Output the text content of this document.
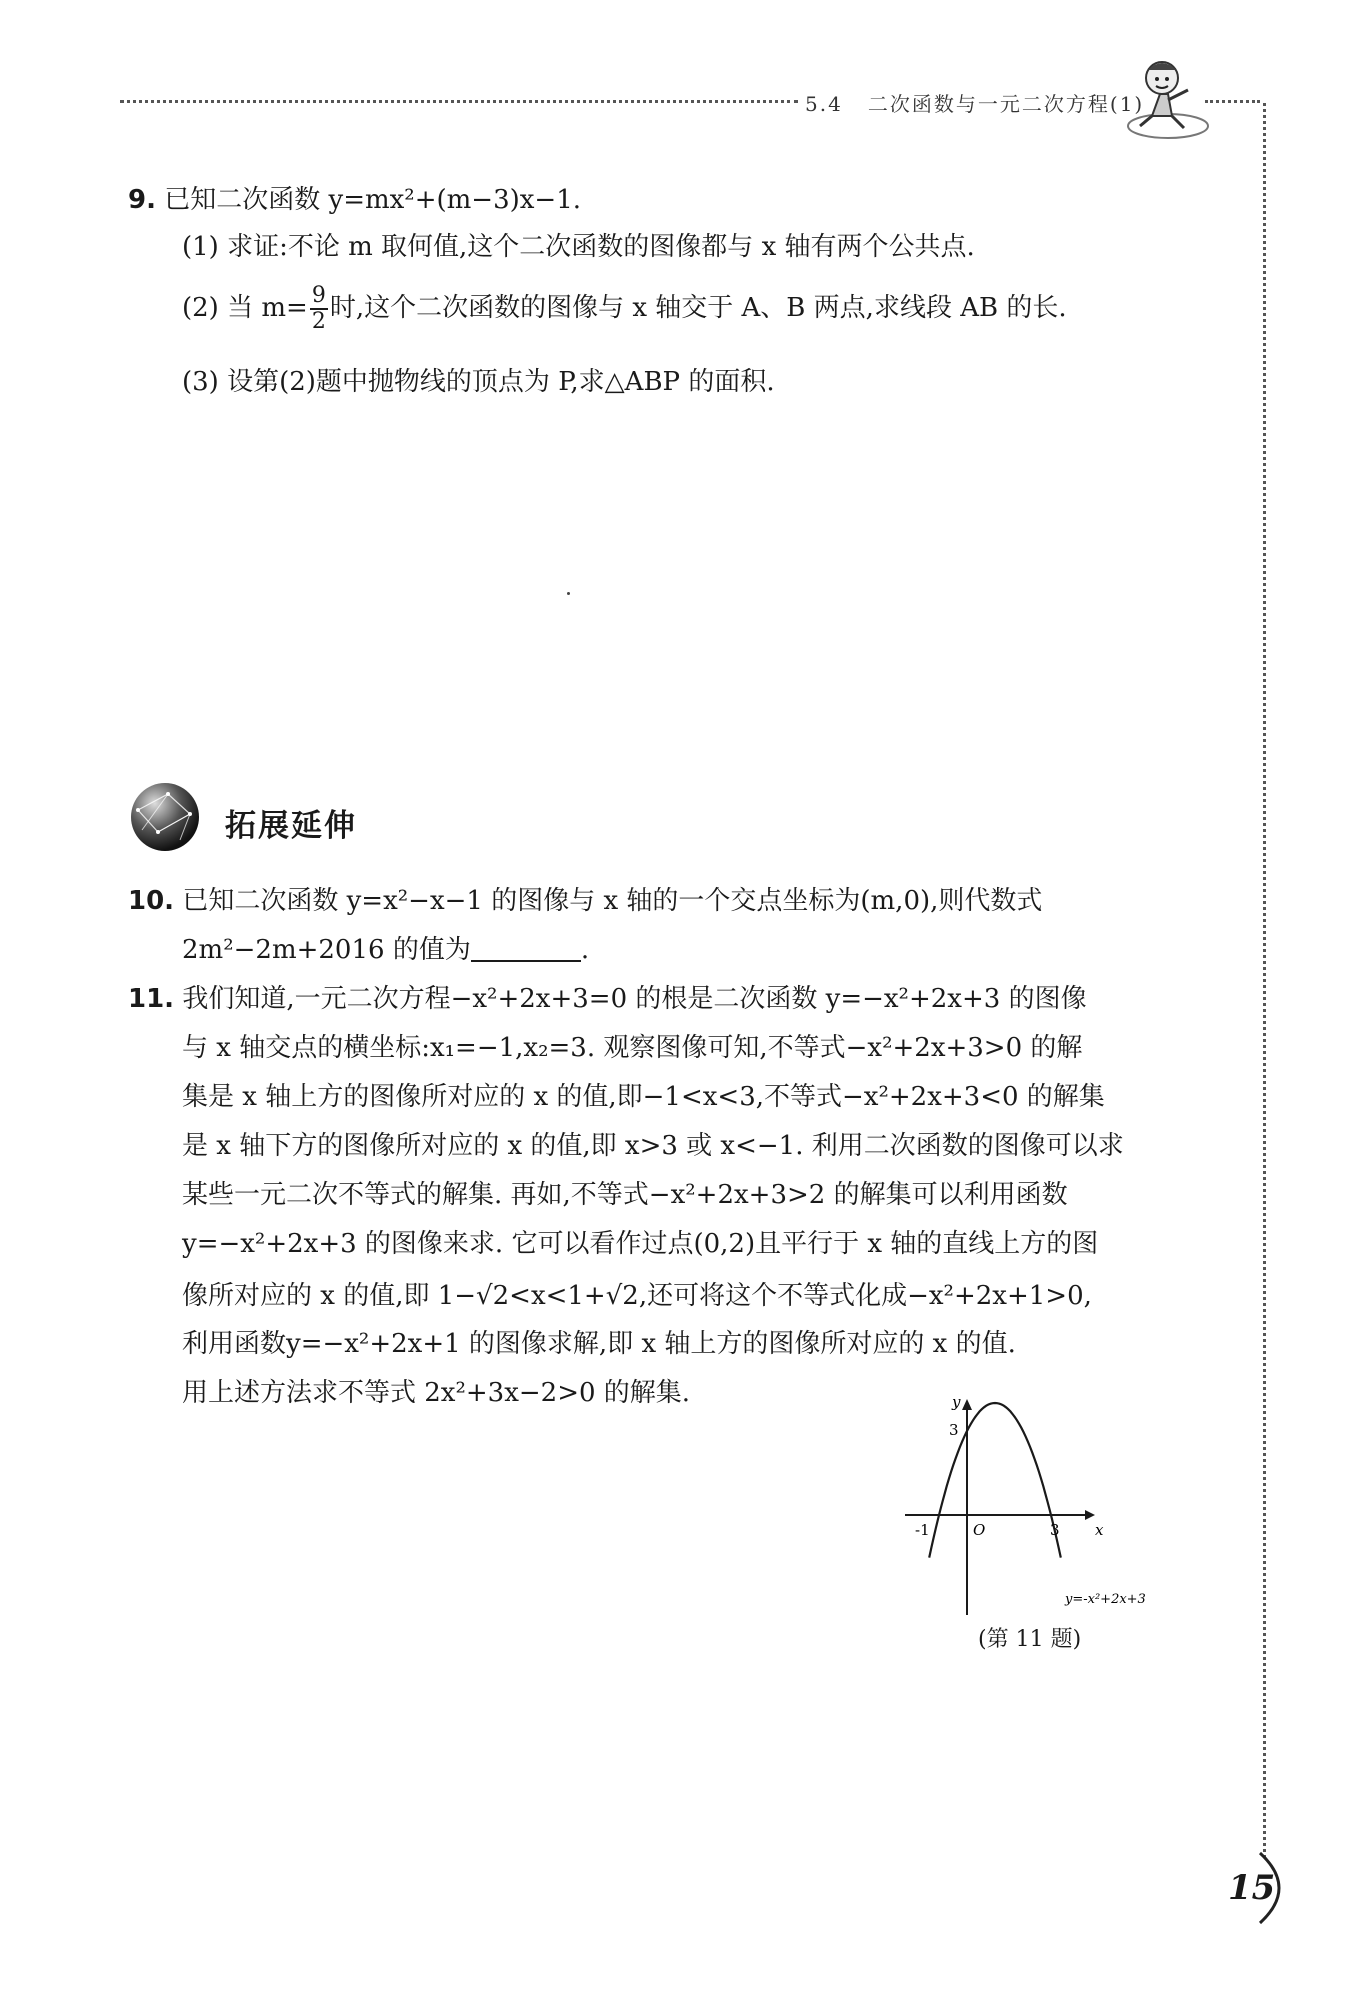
5.4 二次函数与一元二次方程(1)
9. 已知二次函数 y=mx²+(m−3)x−1.
(1) 求证:不论 m 取何值,这个二次函数的图像都与 x 轴有两个公共点.
(2) 当 $m= \frac{9}{2}$ 时,这个二次函数的图像与 x 轴交于 A、B 两点,求线段 AB 的长.
(3) 设第(2)题中抛物线的顶点为 P,求△ABP 的面积.
拓展延伸
10. 已知二次函数 y=x²−x−1 的图像与 x 轴的一个交点坐标为(m,0),则代数式
2m²−2m+2016 的值为	.
11. 我们知道,一元二次方程−x²+2x+3=0 的根是二次函数 y=−x²+2x+3 的图像
与 x 轴交点的横坐标:x₁=−1,x₂=3. 观察图像可知,不等式−x²+2x+3>0 的解
集是 x 轴上方的图像所对应的 x 的值,即−1<x<3,不等式−x²+2x+3<0 的解集
是 x 轴下方的图像所对应的 x 的值,即 x>3 或 x<−1. 利用二次函数的图像可以求
某些一元二次不等式的解集. 再如,不等式−x²+2x+3>2 的解集可以利用函数
y=−x²+2x+3 的图像来求. 它可以看作过点(0,2)且平行于 x 轴的直线上方的图
像所对应的 x 的值,即 1−√2<x<1+√2,还可将这个不等式化成−x²+2x+1>0,
利用函数y=−x²+2x+1 的图像求解,即 x 轴上方的图像所对应的 x 的值.
用上述方法求不等式 2x²+3x−2>0 的解集.	y
x
3
O
-1	3
y=-x²+2x+3
(第 11 题)
15
